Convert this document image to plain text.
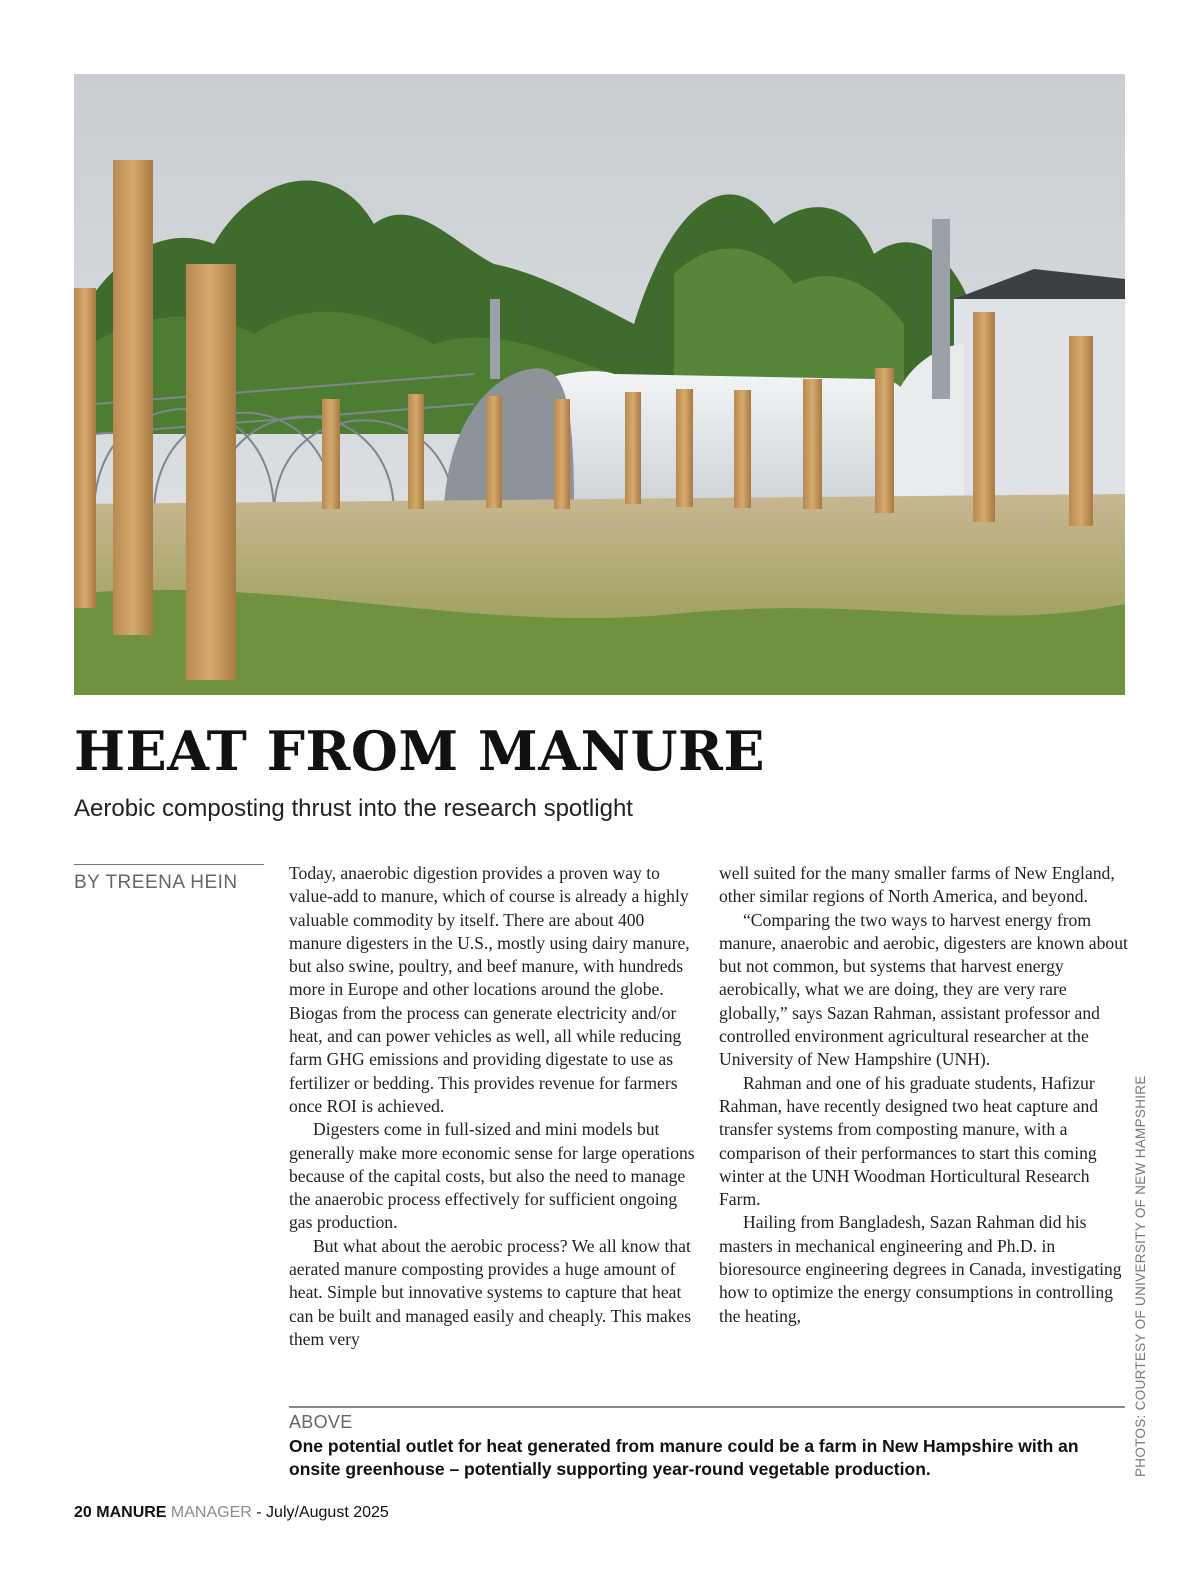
HEAT FROM MANURE

Aerobic composting thrust into the research spotlight

BY TREENA HEIN	Today, anaerobic digestion provides a proven way to value-add to manure, which of course is already a highly valuable commodity by itself. There are about 400 manure digesters in the U.S., mostly using dairy manure, but also swine, poultry, and beef manure, with hundreds more in Europe and other locations around the globe. Biogas from the process can generate electricity and/or heat, and can power vehicles as well, all while reducing farm GHG emissions and providing digestate to use as fertilizer or bedding. This provides revenue for farmers once ROI is achieved.

Digesters come in full-sized and mini models but generally make more economic sense for large operations because of the capital costs, but also the need to manage the anaerobic process effectively for sufficient ongoing gas production.

But what about the aerobic process? We all know that aerated manure composting provides a huge amount of heat. Simple but innovative systems to capture that heat can be built and managed easily and cheaply. This makes them very

well suited for the many smaller farms of New England, other similar regions of North America, and beyond.

“Comparing the two ways to harvest energy from manure, anaerobic and aerobic, digesters are known about but not common, but systems that harvest energy aerobically, what we are doing, they are very rare globally,” says Sazan Rahman, assistant professor and controlled environment agricultural researcher at the University of New Hampshire (UNH).

Rahman and one of his graduate students, Hafizur Rahman, have recently designed two heat capture and transfer systems from composting manure, with a comparison of their performances to start this coming winter at the UNH Woodman Horticultural Research Farm.

Hailing from Bangladesh, Sazan Rahman did his masters in mechanical engineering and Ph.D. in bioresource engineering degrees in Canada, investigating how to optimize the energy consumptions in controlling the heating,

ABOVE
One potential outlet for heat generated from manure could be a farm in New Hampshire with an onsite greenhouse – potentially supporting year-round vegetable production.	PHOTOS: COURTESY OF UNIVERSITY OF NEW HAMPSHIRE
20 MANURE MANAGER - July/August 2025
